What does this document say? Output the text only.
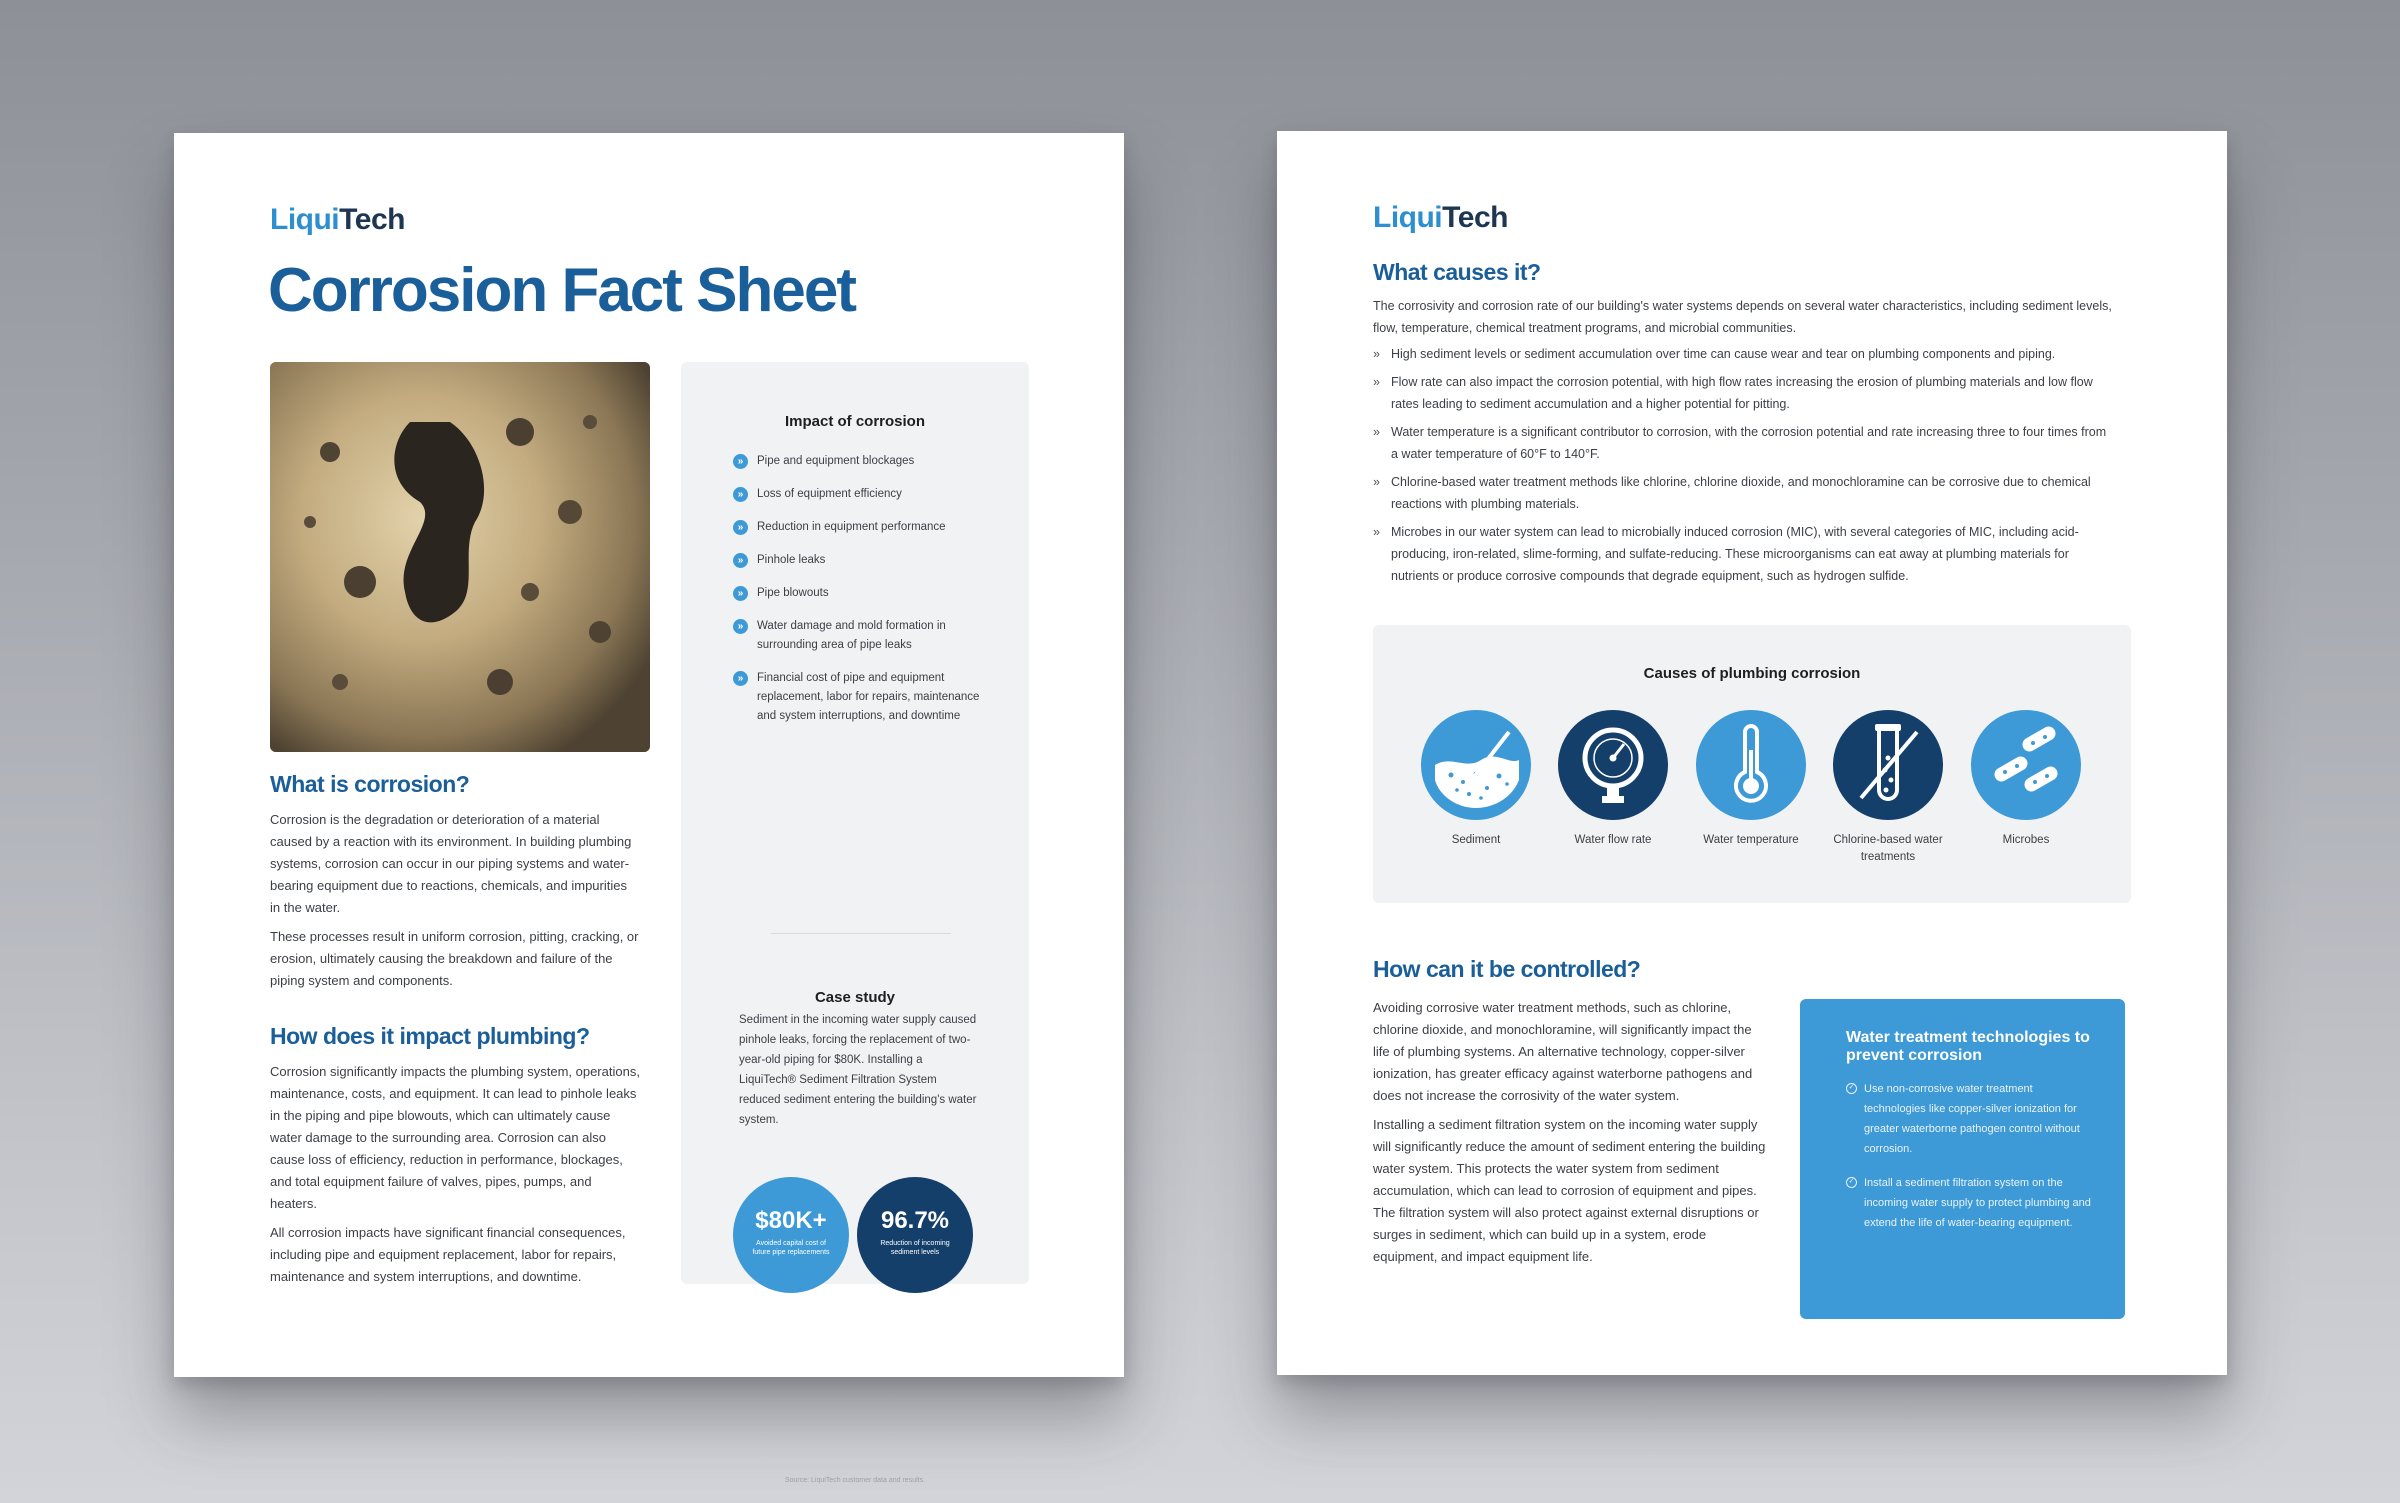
LiquiTech
Corrosion Fact Sheet
What is corrosion?

Corrosion is the degradation or deterioration of a material caused by a reaction with its environment. In building plumbing systems, corrosion can occur in our piping systems and water-bearing equipment due to reactions, chemicals, and impurities in the water.

These processes result in uniform corrosion, pitting, cracking, or erosion, ultimately causing the breakdown and failure of the piping system and components.

How does it impact plumbing?

Corrosion significantly impacts the plumbing system, operations, maintenance, costs, and equipment. It can lead to pinhole leaks in the piping and pipe blowouts, which can ultimately cause water damage to the surrounding area. Corrosion can also cause loss of efficiency, reduction in performance, blockages, and total equipment failure of valves, pipes, pumps, and heaters.

All corrosion impacts have significant financial consequences, including pipe and equipment replacement, labor for repairs, maintenance and system interruptions, and downtime.

Impact of corrosion
»	Pipe and equipment blockages
»	Loss of equipment efficiency
»	Reduction in equipment performance
»	Pinhole leaks
»	Pipe blowouts
»	Water damage and mold formation in surrounding area of pipe leaks
»	Financial cost of pipe and equipment replacement, labor for repairs, maintenance and system interruptions, and downtime
Case study
Sediment in the incoming water supply caused pinhole leaks, forcing the replacement of two-year-old piping for $80K. Installing a LiquiTech® Sediment Filtration System reduced sediment entering the building's water system.
$80K+
Avoided capital cost of future pipe replacements
96.7%
Reduction of incoming sediment levels
Source: LiquiTech customer data and results.
LiquiTech
What causes it?
The corrosivity and corrosion rate of our building's water systems depends on several water characteristics, including sediment levels, flow, temperature, chemical treatment programs, and microbial communities.
» High sediment levels or sediment accumulation over time can cause wear and tear on plumbing components and piping.
» Flow rate can also impact the corrosion potential, with high flow rates increasing the erosion of plumbing materials and low flow rates leading to sediment accumulation and a higher potential for pitting.
» Water temperature is a significant contributor to corrosion, with the corrosion potential and rate increasing three to four times from a water temperature of 60°F to 140°F.
» Chlorine-based water treatment methods like chlorine, chlorine dioxide, and monochloramine can be corrosive due to chemical reactions with plumbing materials.
» Microbes in our water system can lead to microbially induced corrosion (MIC), with several categories of MIC, including acid-producing, iron-related, slime-forming, and sulfate-reducing. These microorganisms can eat away at plumbing materials for nutrients or produce corrosive compounds that degrade equipment, such as hydrogen sulfide.
Causes of plumbing corrosion
Sediment	Water flow rate	Water temperature	Chlorine-based water treatments
Microbes
How can it be controlled?

Avoiding corrosive water treatment methods, such as chlorine, chlorine dioxide, and monochloramine, will significantly impact the life of plumbing systems. An alternative technology, copper-silver ionization, has greater efficacy against waterborne pathogens and does not increase the corrosivity of the water system.

Installing a sediment filtration system on the incoming water supply will significantly reduce the amount of sediment entering the building water system. This protects the water system from sediment accumulation, which can lead to corrosion of equipment and pipes. The filtration system will also protect against external disruptions or surges in sediment, which can build up in a system, erode equipment, and impact equipment life.

Water treatment technologies to prevent corrosion
✓ Use non-corrosive water treatment technologies like copper-silver ionization for greater waterborne pathogen control without corrosion.
✓ Install a sediment filtration system on the incoming water supply to protect plumbing and extend the life of water-bearing equipment.
